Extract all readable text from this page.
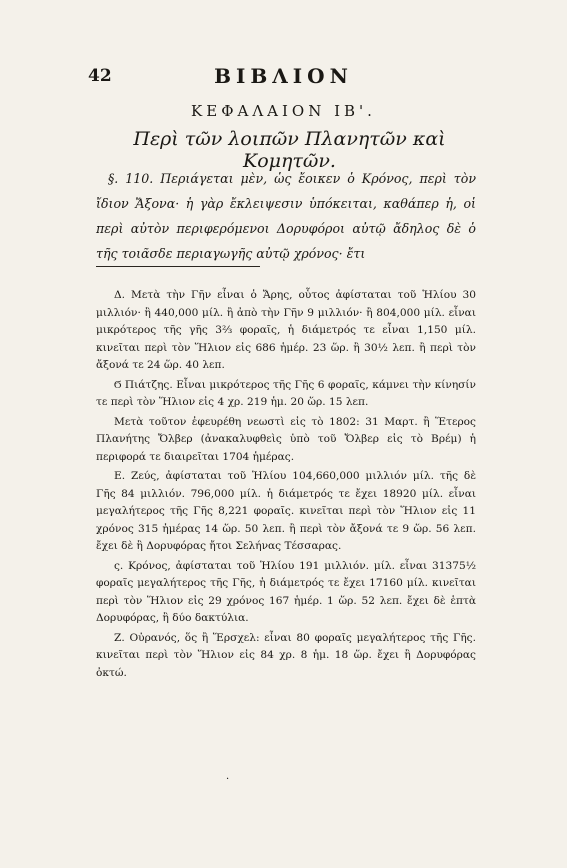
42	ΒΙΒΛΙΟΝ
ΚΕΦΑΛΑΙΟΝ ΙΒ'.
Περὶ τῶν λοιπῶν Πλανητῶν καὶ Κομητῶν.

§. 110. Περιάγεται μὲν, ὡς ἔοικεν ὁ Κρόνος, περὶ τὸν ἴδιον Ἄξονα· ἡ γὰρ ἔκλειψεσιν ὑπόκειται, καθάπερ ἡ, οἱ περὶ αὐτὸν περιφερόμενοι Δορυφόροι αὐτῷ ἄδηλος δὲ ὁ τῆς τοιᾶσδε περιαγωγῆς αὐτῷ χρόνος· ἔτι

Δ. Μετὰ τὴν Γῆν εἶναι ὁ Ἄρης, οὗτος ἀφίσταται τοῦ Ἡλίου 30 μιλλιόν· ἢ 440,000 μίλ. ἢ ἀπὸ τὴν Γῆν 9 μιλλιόν· ἢ 804,000 μίλ. εἶναι μικρότερος τῆς γῆς 3⅔ φοραῖς, ἡ διάμετρός τε εἶναι 1,150 μίλ. κινεῖται περὶ τὸν Ἥλιον εἰς 686 ἡμέρ. 23 ὥρ. ἢ 30½ λεπ. ἢ περὶ τὸν ἄξονά τε 24 ὥρ. 40 λεπ.

Ϭ Πιάτζης. Εἶναι μικρότερος τῆς Γῆς 6 φοραῖς, κάμνει τὴν κίνησίν τε περὶ τὸν Ἥλιον εἰς 4 χρ. 219 ἡμ. 20 ὥρ. 15 λεπ.

Μετὰ τοῦτον ἐφευρέθη νεωστὶ εἰς τὸ 1802: 31 Μαρτ. ἢ Ἕτερος Πλανήτης Ὄλβερ (ἀνακαλυφθεὶς ὑπὸ τοῦ Ὄλβερ εἰς τὸ Βρέμ) ἡ περιφορά τε διαιρεῖται 1704 ἡμέρας.

Ε. Ζεύς, ἀφίσταται τοῦ Ἡλίου 104,660,000 μιλλιόν μίλ. τῆς δὲ Γῆς 84 μιλλιόν. 796,000 μίλ. ἡ διάμετρός τε ἔχει 18920 μίλ. εἶναι μεγαλήτερος τῆς Γῆς 8,221 φοραῖς. κινεῖται περὶ τὸν Ἥλιον εἰς 11 χρόνος 315 ἡμέρας 14 ὥρ. 50 λεπ. ἢ περὶ τὸν ἄξονά τε 9 ὥρ. 56 λεπ. ἔχει δὲ ἢ Δορυφόρας ἤτοι Σελήνας Τέσσαρας.

ς. Κρόνος, ἀφίσταται τοῦ Ἡλίου 191 μιλλιόν. μίλ. εἶναι 31375½ φοραῖς μεγαλήτερος τῆς Γῆς, ἡ διάμετρός τε ἔχει 17160 μίλ. κινεῖται περὶ τὸν Ἥλιον εἰς 29 χρόνος 167 ἡμέρ. 1 ὥρ. 52 λεπ. ἔχει δὲ ἑπτὰ Δορυφόρας, ἢ δύο δακτύλια.

Ζ. Οὐρανός, ὅς ἢ Ἕρσχελ: εἶναι 80 φοραῖς μεγαλήτερος τῆς Γῆς. κινεῖται περὶ τὸν Ἥλιον εἰς 84 χρ. 8 ἡμ. 18 ὥρ. ἔχει ἢ Δορυφόρας ὀκτώ.

·
